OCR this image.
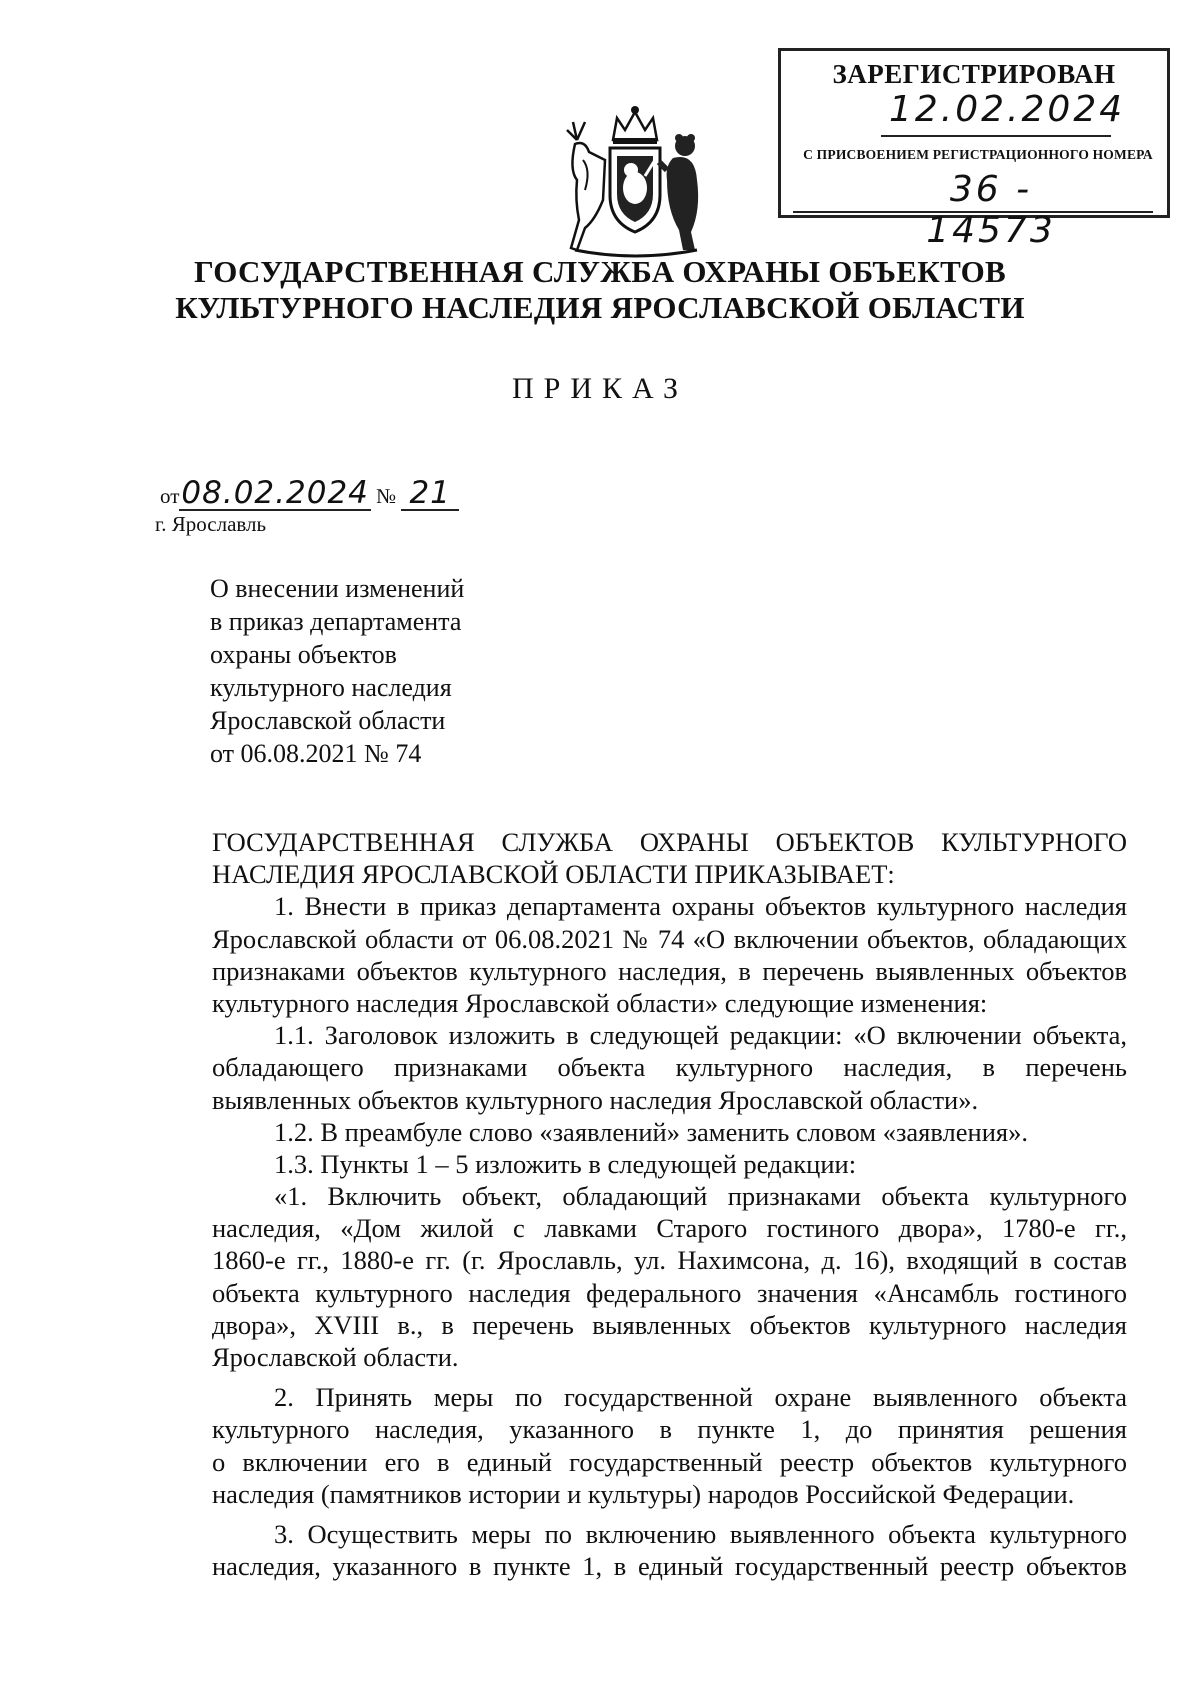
ЗАРЕГИСТРИРОВАН
12.02.2024
С ПРИСВОЕНИЕМ РЕГИСТРАЦИОННОГО НОМЕРА
36 - 14573
ГОСУДАРСТВЕННАЯ СЛУЖБА ОХРАНЫ ОБЪЕКТОВ
КУЛЬТУРНОГО НАСЛЕДИЯ ЯРОСЛАВСКОЙ ОБЛАСТИ
ПРИКАЗ
от08.02.2024 № 21
г. Ярославль
О внесении изменений
в приказ департамента
охраны объектов
культурного наследия
Ярославской области
от 06.08.2021 № 74
ГОСУДАРСТВЕННАЯ СЛУЖБА ОХРАНЫ ОБЪЕКТОВ КУЛЬТУРНОГО
НАСЛЕДИЯ ЯРОСЛАВСКОЙ ОБЛАСТИ ПРИКАЗЫВАЕТ:
1. Внести в приказ департамента охраны объектов культурного наследия
Ярославской области от 06.08.2021 № 74 «О включении объектов, обладающих
признаками объектов культурного наследия, в перечень выявленных объектов
культурного наследия Ярославской области» следующие изменения:
1.1. Заголовок изложить в следующей редакции: «О включении объекта,
обладающего признаками объекта культурного наследия, в перечень
выявленных объектов культурного наследия Ярославской области».
1.2. В преамбуле слово «заявлений» заменить словом «заявления».
1.3. Пункты 1 – 5 изложить в следующей редакции:
«1. Включить объект, обладающий признаками объекта культурного
наследия, «Дом жилой с лавками Старого гостиного двора», 1780-е гг.,
1860-е гг., 1880-е гг. (г. Ярославль, ул. Нахимсона, д. 16), входящий в состав
объекта культурного наследия федерального значения «Ансамбль гостиного
двора», XVIII в., в перечень выявленных объектов культурного наследия
Ярославской области.
2. Принять меры по государственной охране выявленного объекта
культурного наследия, указанного в пункте 1, до принятия решения
о включении его в единый государственный реестр объектов культурного
наследия (памятников истории и культуры) народов Российской Федерации.
3. Осуществить меры по включению выявленного объекта культурного
наследия, указанного в пункте 1, в единый государственный реестр объектов
